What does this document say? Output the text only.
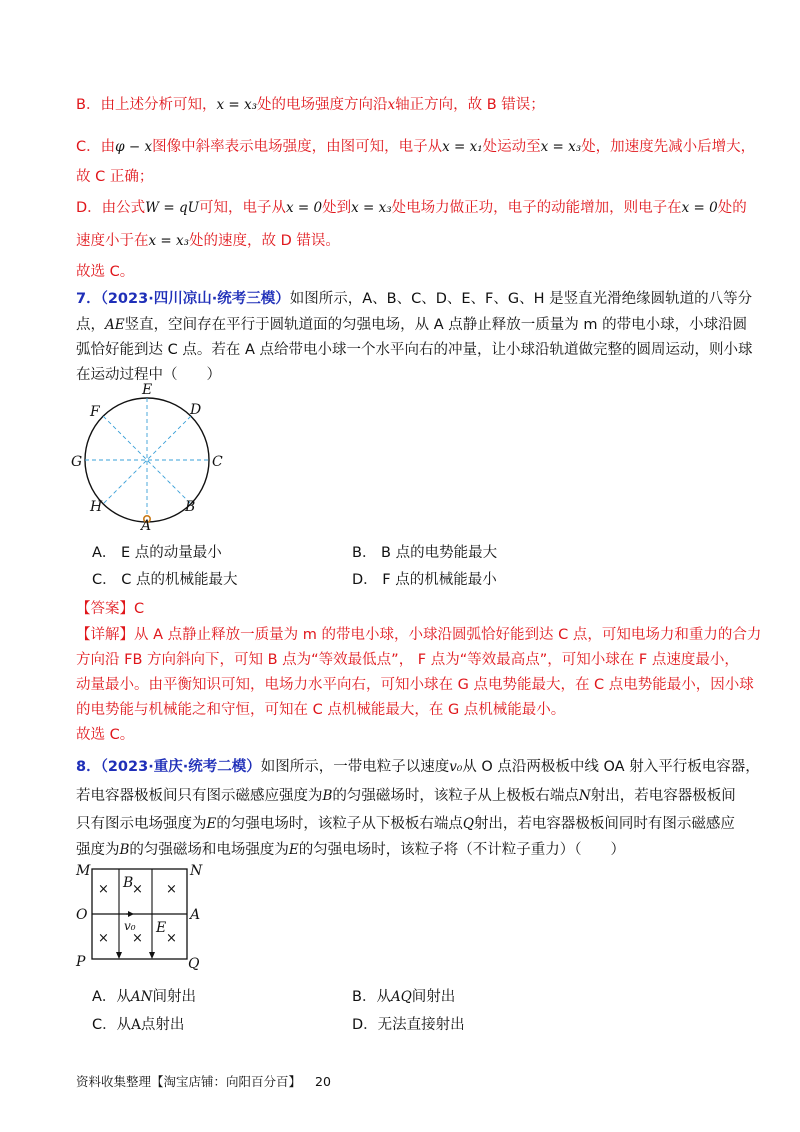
B．由上述分析可知，x = x₃处的电场强度方向沿x轴正方向，故 B 错误；
C．由φ − x图像中斜率表示电场强度，由图可知，电子从x = x₁处运动至x = x₃处，加速度先减小后增大，
故 C 正确；
D．由公式W = qU可知，电子从x = 0处到x = x₃处电场力做正功，电子的动能增加，则电子在x = 0处的
速度小于在x = x₃处的速度，故 D 错误。
故选 C。
7．（2023·四川凉山·统考三模）如图所示，A、B、C、D、E、F、G、H 是竖直光滑绝缘圆轨道的八等分
点，AE竖直，空间存在平行于圆轨道面的匀强电场，从 A 点静止释放一质量为 m 的带电小球，小球沿圆
弧恰好能到达 C 点。若在 A 点给带电小球一个水平向右的冲量，让小球沿轨道做完整的圆周运动，则小球
在运动过程中（　　）
E
D
F
G	C
H	B
A
A． E 点的动量最小	B． B 点的电势能最大
C． C 点的机械能最大	D． F 点的机械能最小
【答案】C
【详解】从 A 点静止释放一质量为 m 的带电小球，小球沿圆弧恰好能到达 C 点，可知电场力和重力的合力
方向沿 FB 方向斜向下，可知 B 点为“等效最低点”， F 点为“等效最高点”，可知小球在 F 点速度最小，
动量最小。由平衡知识可知，电场力水平向右，可知小球在 G 点电势能最大，在 C 点电势能最小，因小球
的电势能与机械能之和守恒，可知在 C 点机械能最大，在 G 点机械能最小。
故选 C。
8．（2023·重庆·统考二模）如图所示，一带电粒子以速度v₀从 O 点沿两极板中线 OA 射入平行板电容器，
若电容器极板间只有图示磁感应强度为B的匀强磁场时，该粒子从上极板右端点N射出，若电容器极板间
只有图示电场强度为E的匀强电场时，该粒子从下极板右端点Q射出，若电容器极板间同时有图示磁感应
强度为B的匀强磁场和电场强度为E的匀强电场时，该粒子将（不计粒子重力）（　　）
× × ×
× × ×
M	N
O	A
P	Q
B
E
v₀
A．从AN间射出	B．从AQ间射出
C．从A点射出	D．无法直接射出
资料收集整理【淘宝店铺：向阳百分百】 20
